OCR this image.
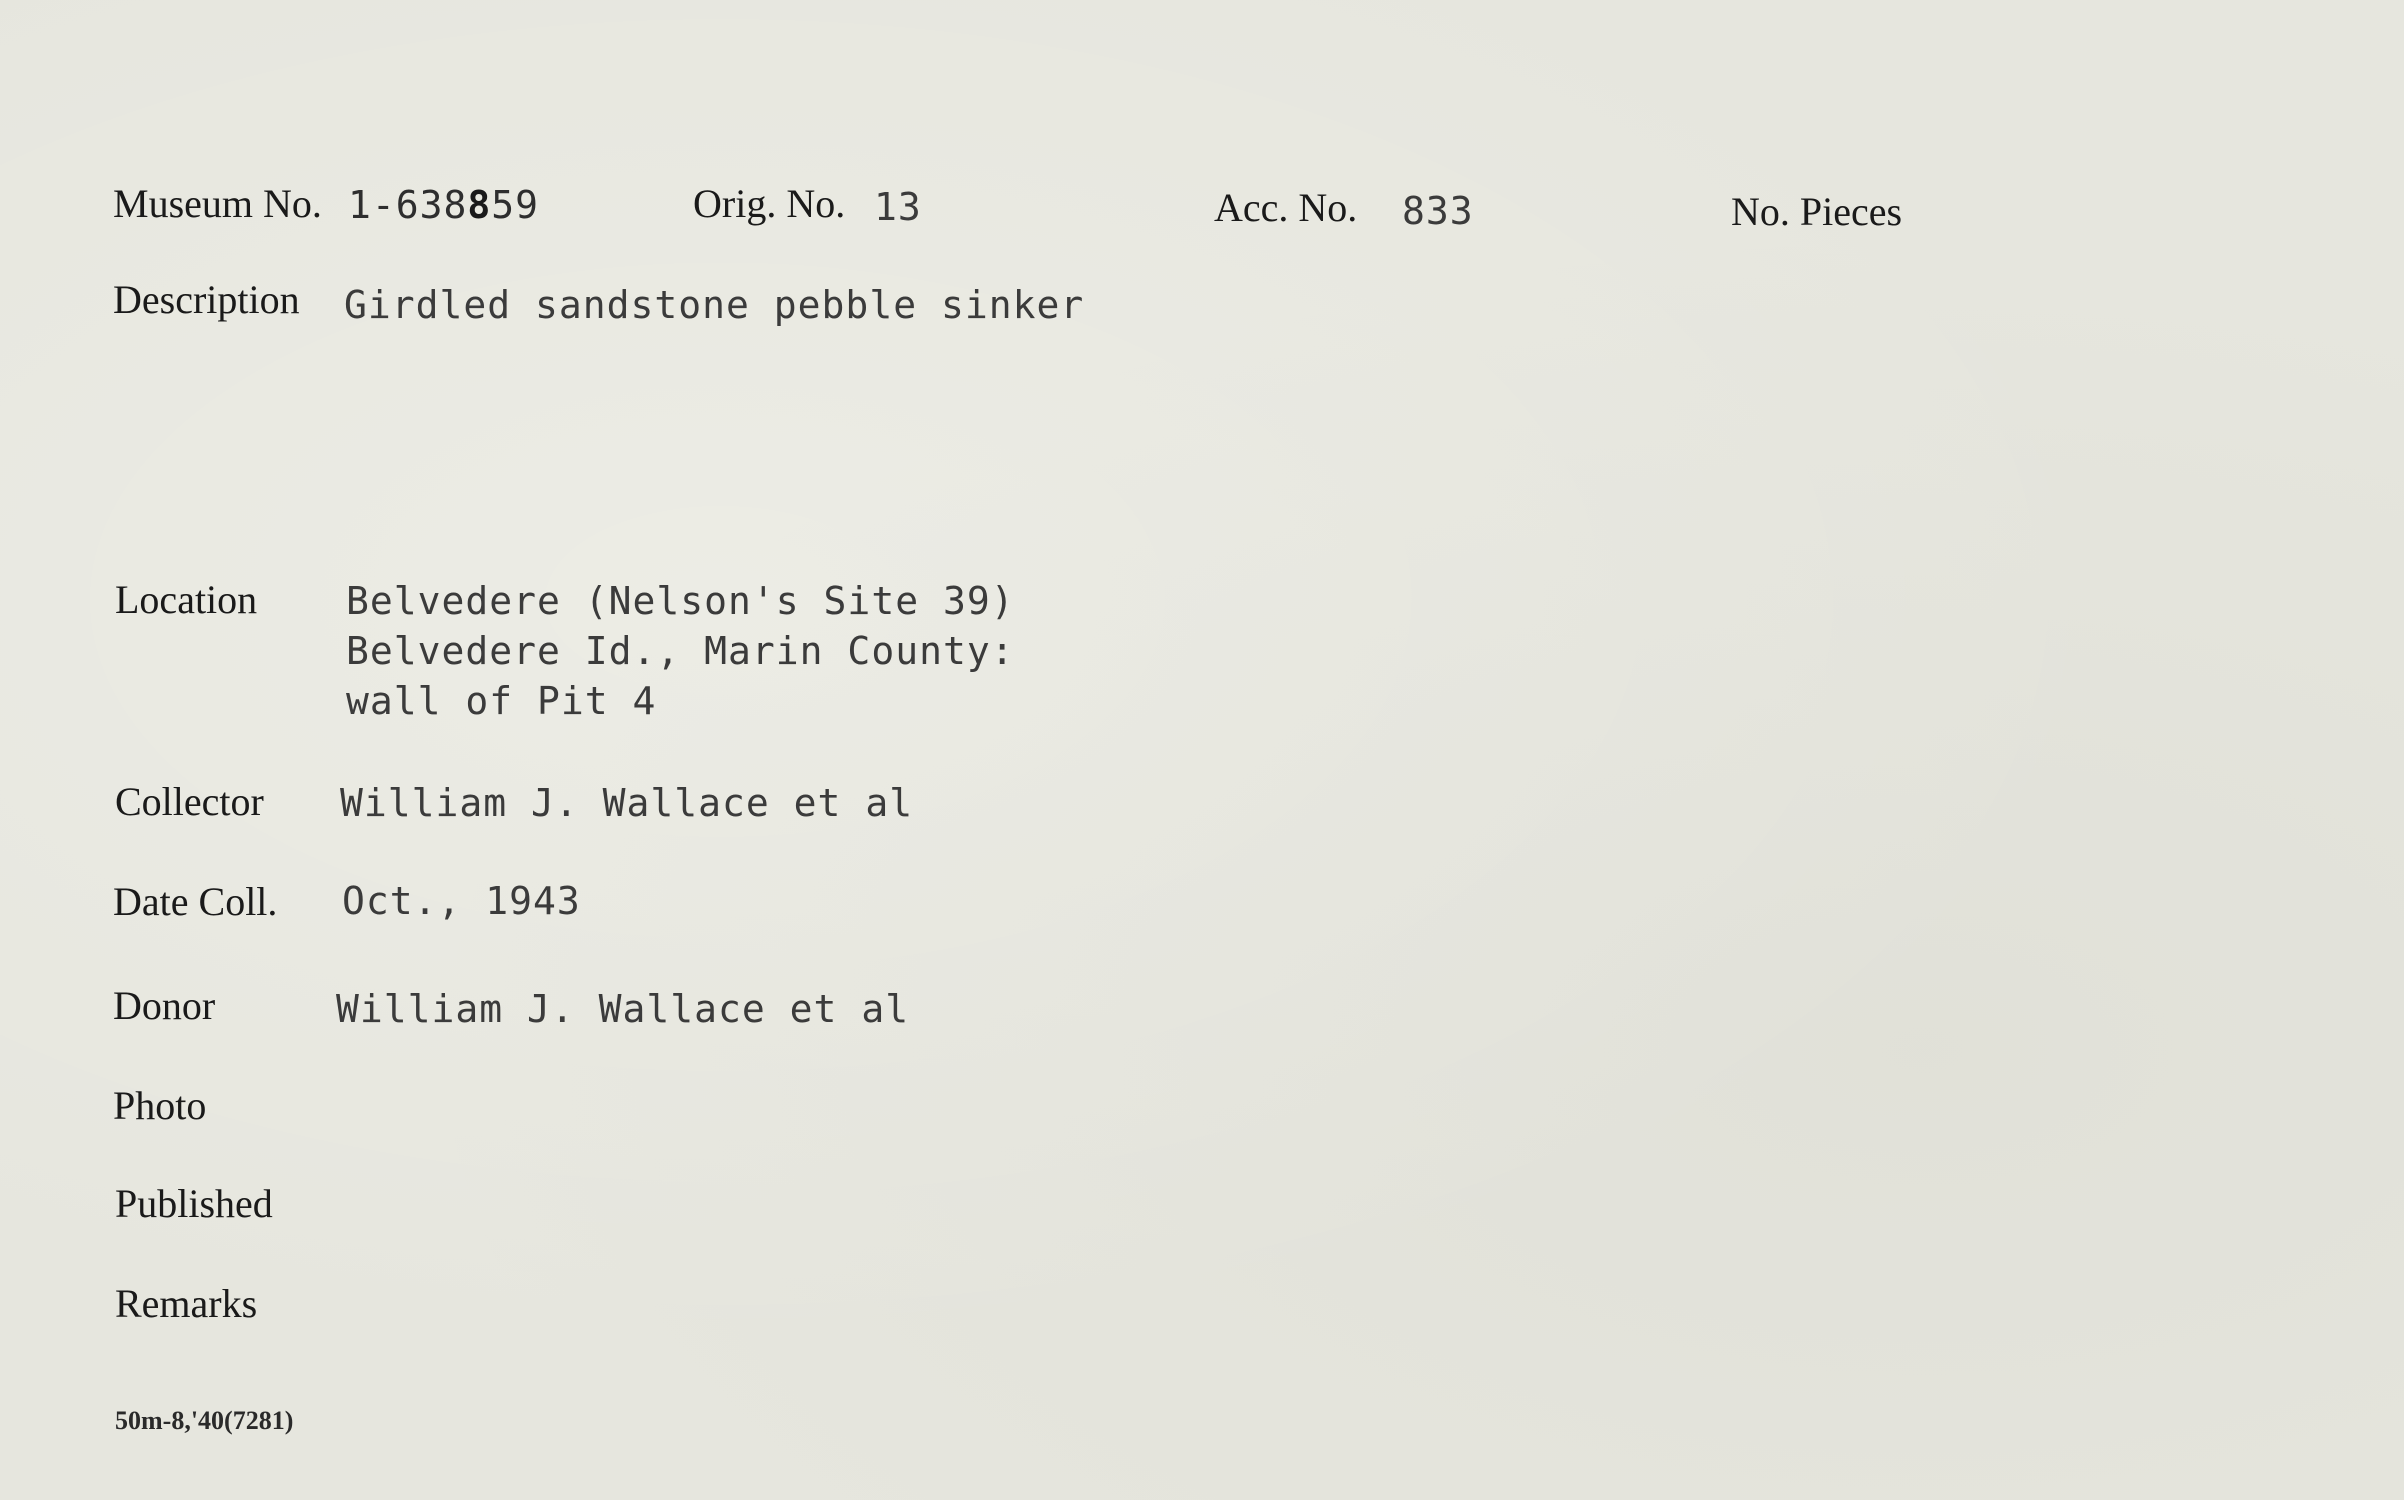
Museum No. 1-638859	Orig. No. 13	Acc. No. 833	No. Pieces
Description Girdled sandstone pebble sinker
Location Belvedere (Nelson's Site 39)
Belvedere Id., Marin County:
wall of Pit 4
Collector William J. Wallace et al
Date Coll. Oct., 1943
Donor	William J. Wallace et al
Photo
Published
Remarks
50m-8,'40(7281)
